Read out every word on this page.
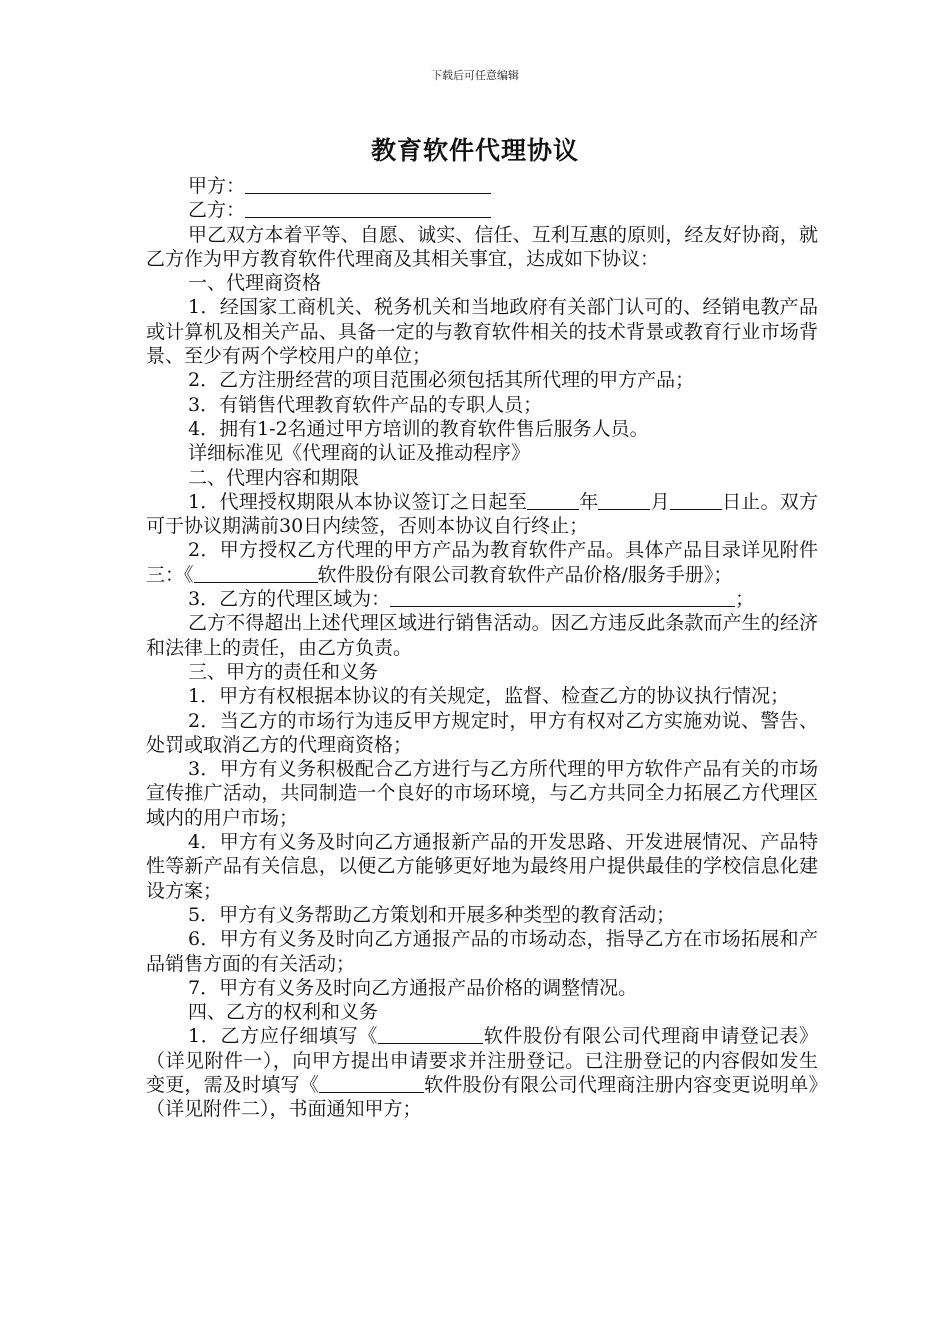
下载后可任意编辑
教育软件代理协议

甲方：

乙方：

甲乙双方本着平等、自愿、诚实、信任、互利互惠的原则，经友好协商，就乙方作为甲方教育软件代理商及其相关事宜，达成如下协议：

一、代理商资格

1．经国家工商机关、税务机关和当地政府有关部门认可的、经销电教产品或计算机及相关产品、具备一定的与教育软件相关的技术背景或教育行业市场背景、至少有两个学校用户的单位；

2．乙方注册经营的项目范围必须包括其所代理的甲方产品；

3．有销售代理教育软件产品的专职人员；

4．拥有1-2名通过甲方培训的教育软件售后服务人员。

详细标准见《代理商的认证及推动程序》

二、代理内容和期限

1．代理授权期限从本协议签订之日起至	年	月	日止。双方可于协议期满前30日内续签，否则本协议自行终止；

2．甲方授权乙方代理的甲方产品为教育软件产品。具体产品目录详见附件三：《	软件股份有限公司教育软件产品价格/服务手册》；

3．乙方的代理区域为：	；

乙方不得超出上述代理区域进行销售活动。因乙方违反此条款而产生的经济和法律上的责任，由乙方负责。

三、甲方的责任和义务

1．甲方有权根据本协议的有关规定，监督、检查乙方的协议执行情况；

2．当乙方的市场行为违反甲方规定时，甲方有权对乙方实施劝说、警告、处罚或取消乙方的代理商资格；

3．甲方有义务积极配合乙方进行与乙方所代理的甲方软件产品有关的市场宣传推广活动，共同制造一个良好的市场环境，与乙方共同全力拓展乙方代理区域内的用户市场；

4．甲方有义务及时向乙方通报新产品的开发思路、开发进展情况、产品特性等新产品有关信息，以便乙方能够更好地为最终用户提供最佳的学校信息化建设方案；

5．甲方有义务帮助乙方策划和开展多种类型的教育活动；

6．甲方有义务及时向乙方通报产品的市场动态，指导乙方在市场拓展和产品销售方面的有关活动；

7．甲方有义务及时向乙方通报产品价格的调整情况。

四、乙方的权利和义务

1．乙方应仔细填写《	软件股份有限公司代理商申请登记表》（详见附件一），向甲方提出申请要求并注册登记。已注册登记的内容假如发生变更，需及时填写《	软件股份有限公司代理商注册内容变更说明单》（详见附件二），书面通知甲方；
